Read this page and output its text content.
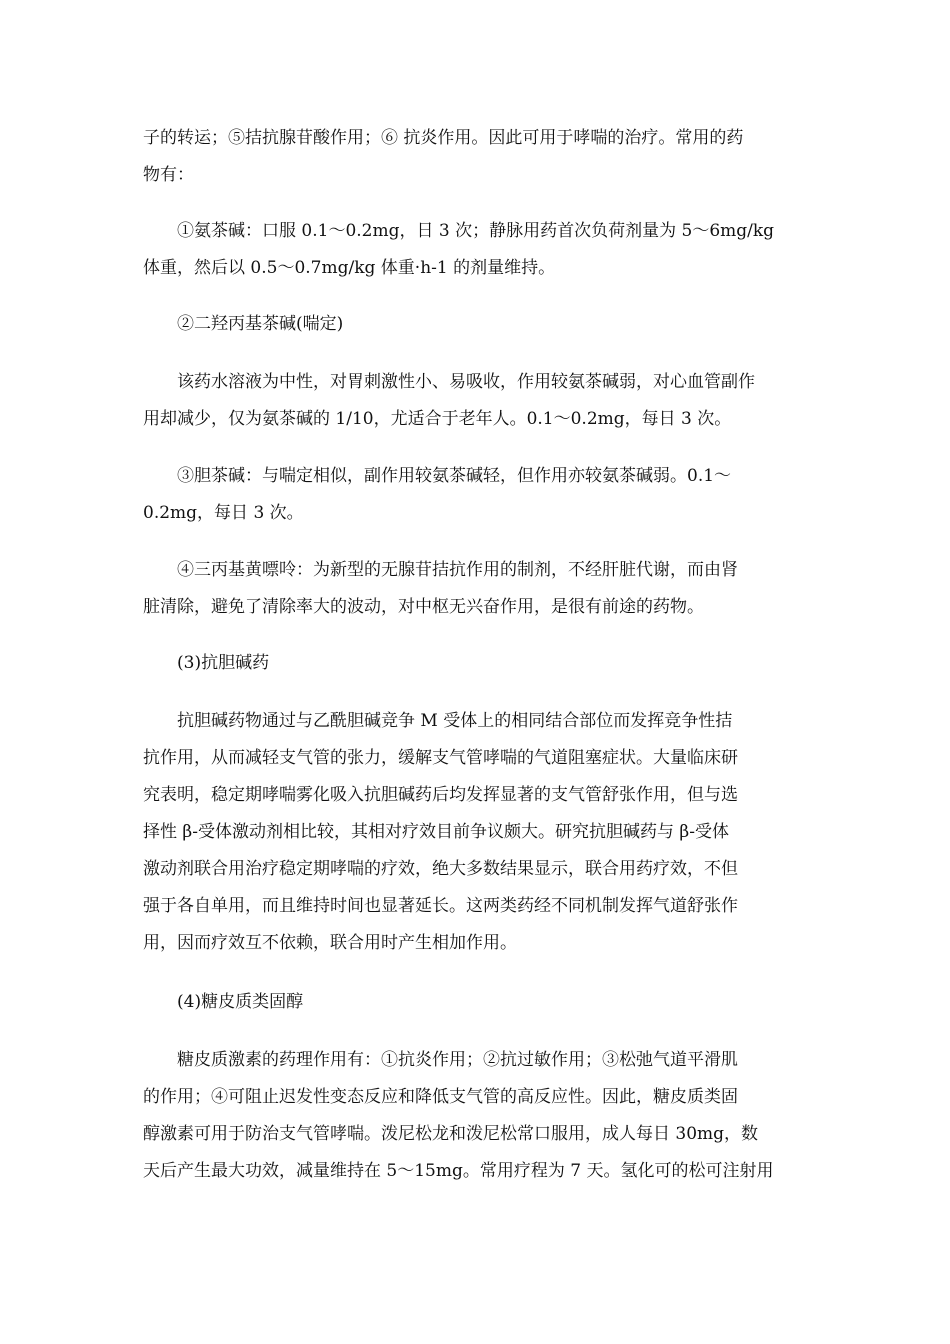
子的转运；⑤拮抗腺苷酸作用；⑥ 抗炎作用。因此可用于哮喘的治疗。常用的药
物有：
①氨茶碱：口服 0.1～0.2mg，日 3 次；静脉用药首次负荷剂量为 5～6mg/kg
体重，然后以 0.5～0.7mg/kg 体重·h-1 的剂量维持。
②二羟丙基茶碱(喘定)
该药水溶液为中性，对胃刺激性小、易吸收，作用较氨茶碱弱，对心血管副作
用却减少，仅为氨茶碱的 1/10，尤适合于老年人。0.1～0.2mg，每日 3 次。
③胆茶碱：与喘定相似，副作用较氨茶碱轻，但作用亦较氨茶碱弱。0.1～
0.2mg，每日 3 次。
④三丙基黄嘌呤：为新型的无腺苷拮抗作用的制剂，不经肝脏代谢，而由肾
脏清除，避免了清除率大的波动，对中枢无兴奋作用，是很有前途的药物。
(3)抗胆碱药
抗胆碱药物通过与乙酰胆碱竞争 M 受体上的相同结合部位而发挥竞争性拮
抗作用，从而减轻支气管的张力，缓解支气管哮喘的气道阻塞症状。大量临床研
究表明，稳定期哮喘雾化吸入抗胆碱药后均发挥显著的支气管舒张作用，但与选
择性 β-受体激动剂相比较，其相对疗效目前争议颇大。研究抗胆碱药与 β-受体
激动剂联合用治疗稳定期哮喘的疗效，绝大多数结果显示，联合用药疗效，不但
强于各自单用，而且维持时间也显著延长。这两类药经不同机制发挥气道舒张作
用，因而疗效互不依赖，联合用时产生相加作用。
(4)糖皮质类固醇
糖皮质激素的药理作用有：①抗炎作用；②抗过敏作用；③松弛气道平滑肌
的作用；④可阻止迟发性变态反应和降低支气管的高反应性。因此，糖皮质类固
醇激素可用于防治支气管哮喘。泼尼松龙和泼尼松常口服用，成人每日 30mg，数
天后产生最大功效，减量维持在 5～15mg。常用疗程为 7 天。氢化可的松可注射用
